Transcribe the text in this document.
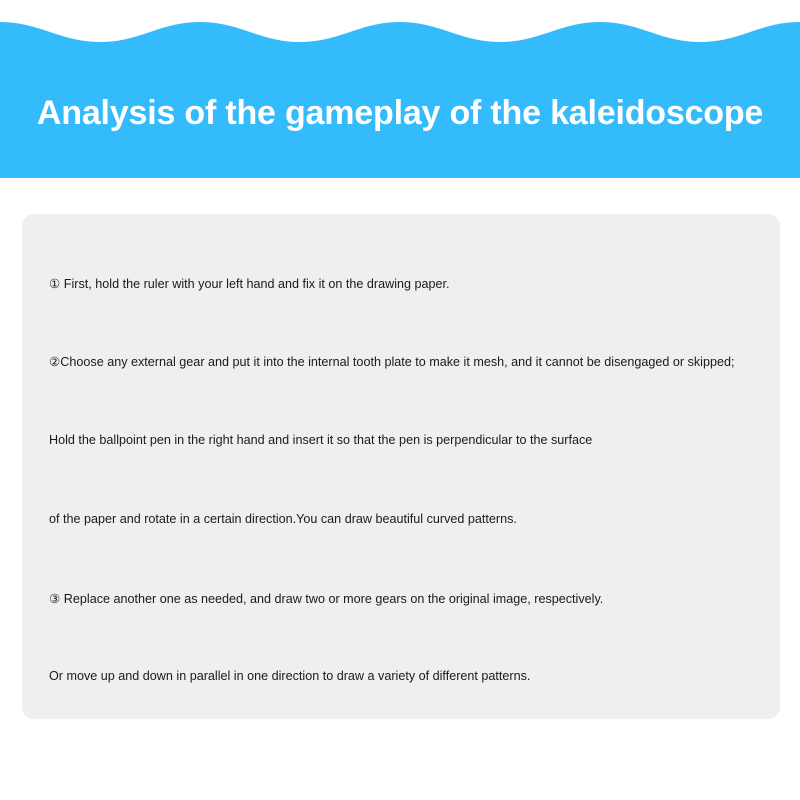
Analysis of the gameplay of the kaleidoscope

① First, hold the ruler with your left hand and fix it on the drawing paper.

②Choose any external gear and put it into the internal tooth plate to make it mesh, and it cannot be disengaged or skipped;

Hold the ballpoint pen in the right hand and insert it so that the pen is perpendicular to the surface

of the paper and rotate in a certain direction.You can draw beautiful curved patterns.

③ Replace another one as needed, and draw two or more gears on the original image, respectively.

Or move up and down in parallel in one direction to draw a variety of different patterns.
